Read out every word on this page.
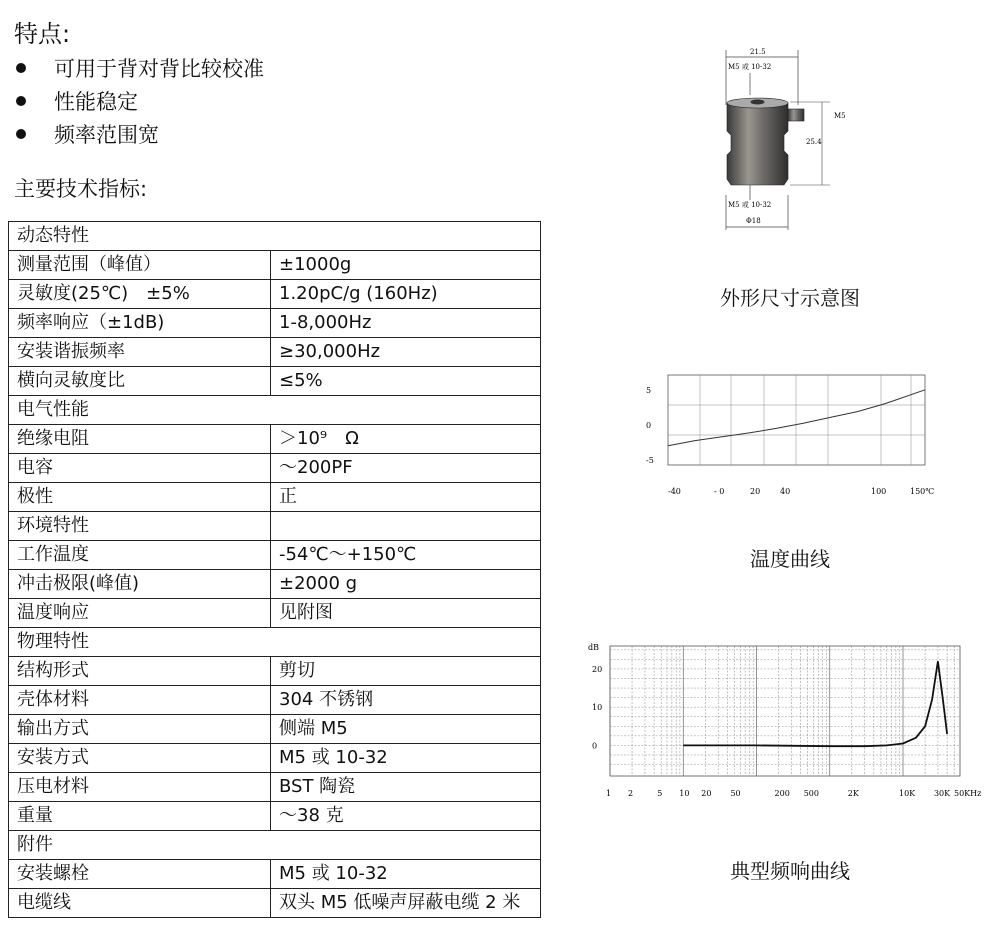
特点:
可用于背对背比较校准
性能稳定
频率范围宽
主要技术指标:
动态特性	
测量范围（峰值）	±1000g
灵敏度(25℃)　±5%	1.20pC/g (160Hz)
频率响应（±1dB)	1-8,000Hz
安装谐振频率	≥30,000Hz
横向灵敏度比	≤5%
电气性能	
绝缘电阻	＞10⁹　Ω
电容	～200PF
极性	正
环境特性	
工作温度	-54℃～+150℃
冲击极限(峰值)	±2000 g
温度响应	见附图
物理特性	
结构形式	剪切
壳体材料	304 不锈钢
输出方式	侧端 M5
安装方式	M5 或 10-32
压电材料	BST 陶瓷
重量	～38 克
附件	
安装螺栓	M5 或 10-32
电缆线	双头 M5 低噪声屏蔽电缆 2 米
21.5
M5 或 10-32
M5
25.4
M5 或 10-32
Φ18
外形尺寸示意图
5
0
-5
-40	- 0	20 40	100	150℃
温度曲线
dB
20
10
0
1 2	5 10 20 50	200 500	2K	10K 30K 50KHz
典型频响曲线
